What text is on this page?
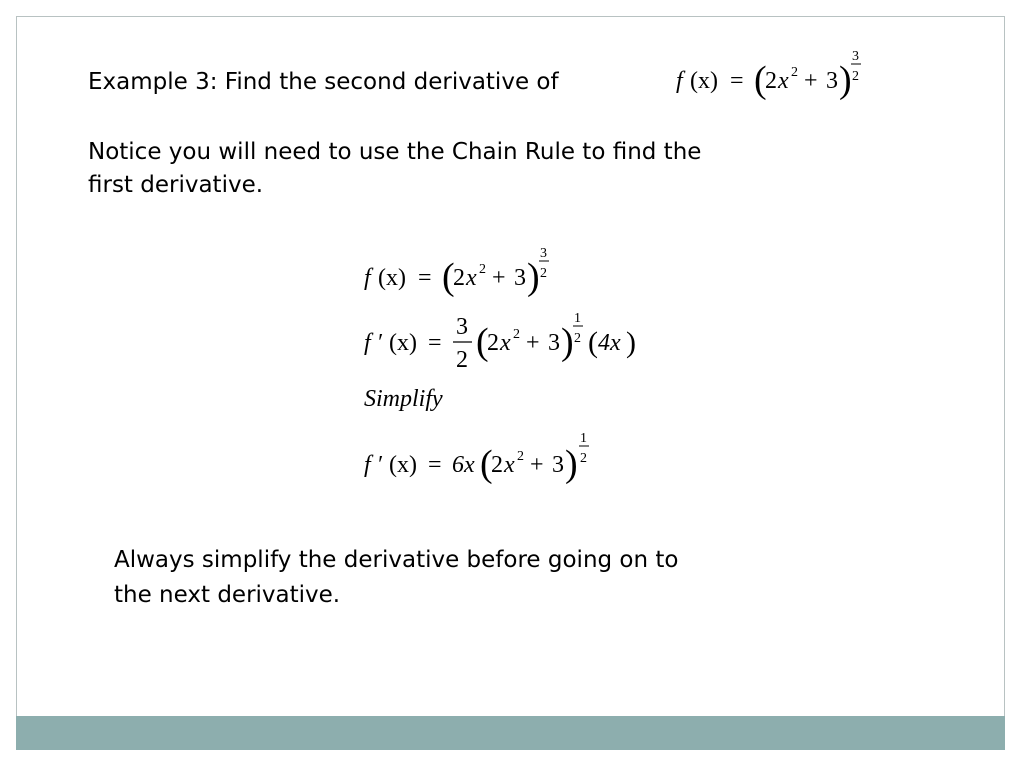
Example 3: Find the second derivative of	f (x) = (
2 x 2 + 3 )
3
2
Notice you will need to use the Chain Rule to find the
first derivative.
f (x) = (
2 x 2 + 3 )
3
2
f ′ (x) =
3
2 (
2 x 2 + 3 )
1
2 ( 4x )
Simplify
f ′ (x) = 6x (
2 x 2 + 3 )
1
2
Always simplify the derivative before going on to
the next derivative.
